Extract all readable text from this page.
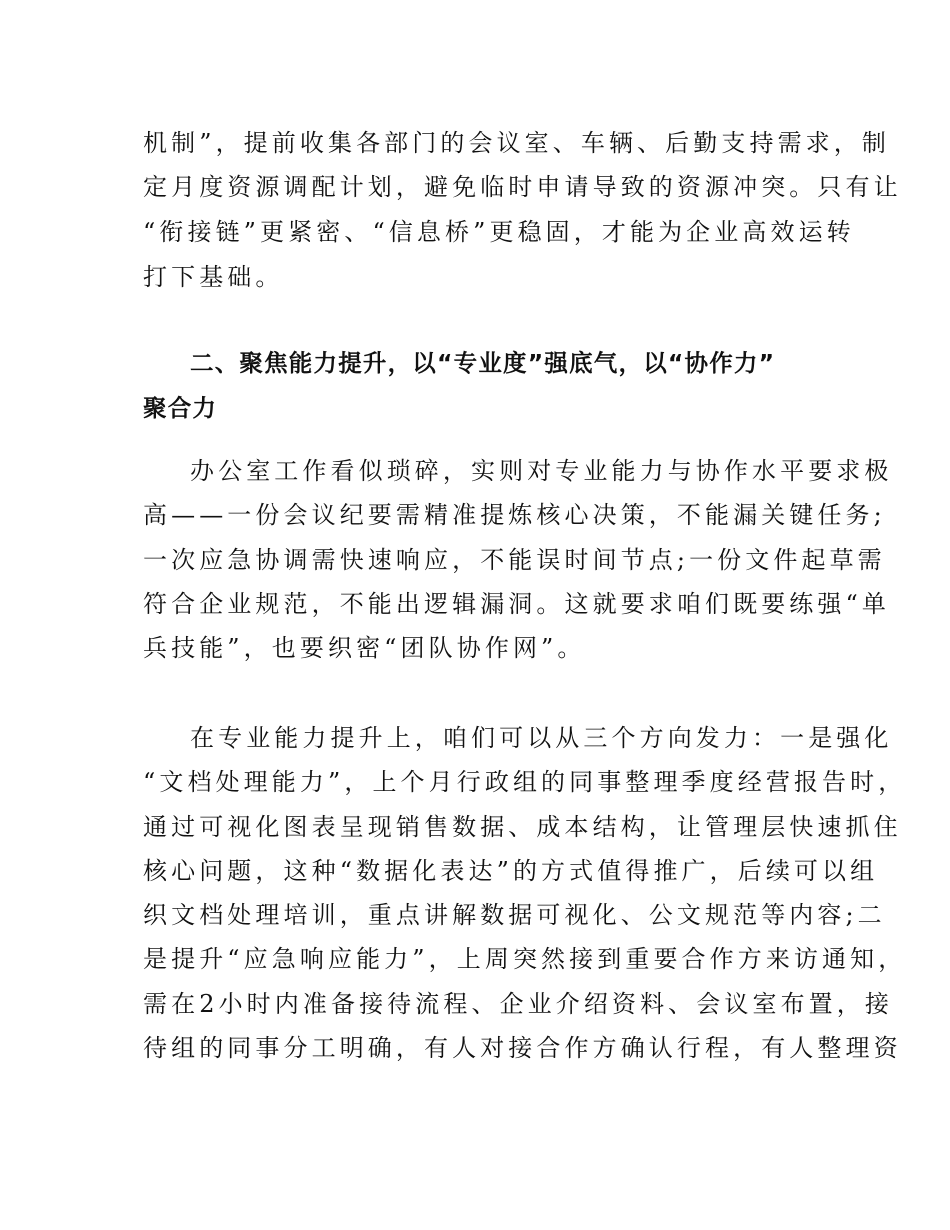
机制”，提前收集各部门的会议室、车辆、后勤支持需求，制
定月度资源调配计划，避免临时申请导致的资源冲突。只有让
“衔接链”更紧密、“信息桥”更稳固，才能为企业高效运转
打下基础。
二、聚焦能力提升，以“专业度”强底气，以“协作力”
聚合力
办公室工作看似琐碎，实则对专业能力与协作水平要求极
高——一份会议纪要需精准提炼核心决策，不能漏关键任务;
一次应急协调需快速响应，不能误时间节点;一份文件起草需
符合企业规范，不能出逻辑漏洞。这就要求咱们既要练强“单
兵技能”，也要织密“团队协作网”。
在专业能力提升上，咱们可以从三个方向发力：一是强化
“文档处理能力”，上个月行政组的同事整理季度经营报告时，
通过可视化图表呈现销售数据、成本结构，让管理层快速抓住
核心问题，这种“数据化表达”的方式值得推广，后续可以组
织文档处理培训，重点讲解数据可视化、公文规范等内容;二
是提升“应急响应能力”，上周突然接到重要合作方来访通知，
需在2小时内准备接待流程、企业介绍资料、会议室布置，接
待组的同事分工明确，有人对接合作方确认行程，有人整理资
